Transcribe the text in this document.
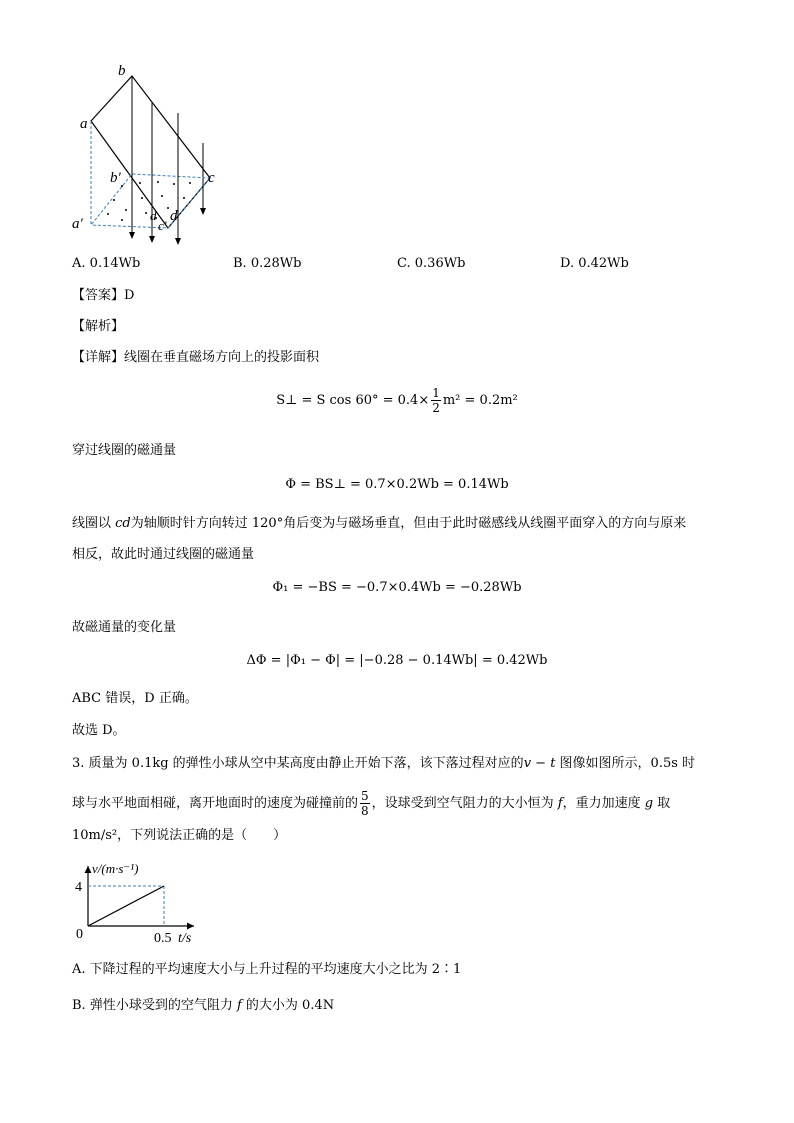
a
b
c
b′
a′	d
c′
d
A. 0.14Wb	B. 0.28Wb	C. 0.36Wb	D. 0.42Wb
【答案】D
【解析】
【详解】线圈在垂直磁场方向上的投影面积
S⊥ = S $\cos 60^\circ = 0.4\times \frac{1}{2} m^2 = 0.2m^2$
穿过线圈的磁通量
Φ = BS⊥ = 0.7×0.2Wb = 0.14Wb
线圈以 cd为轴顺时针方向转过 120°角后变为与磁场垂直，但由于此时磁感线从线圈平面穿入的方向与原来
相反，故此时通过线圈的磁通量
Φ₁ = −BS = −0.7×0.4Wb = −0.28Wb
故磁通量的变化量
ΔΦ = |Φ₁ − Φ| = |−0.28 − 0.14Wb| = 0.42Wb
ABC 错误，D 正确。
故选 D。
3. 质量为 0.1kg 的弹性小球从空中某高度由静止开始下落，该下落过程对应的v − t 图像如图所示，0.5s 时
球与水平地面相碰，离开地面时的速度为碰撞前的 $\frac{5}{8}$ ，设球受到空气阻力的大小恒为 f，重力加速度 g 取
10m/s²，下列说法正确的是（　　）
v/(m·s⁻¹)
4
0	0.5 t/s
A. 下降过程的平均速度大小与上升过程的平均速度大小之比为 2∶1
B. 弹性小球受到的空气阻力 f 的大小为 0.4N
